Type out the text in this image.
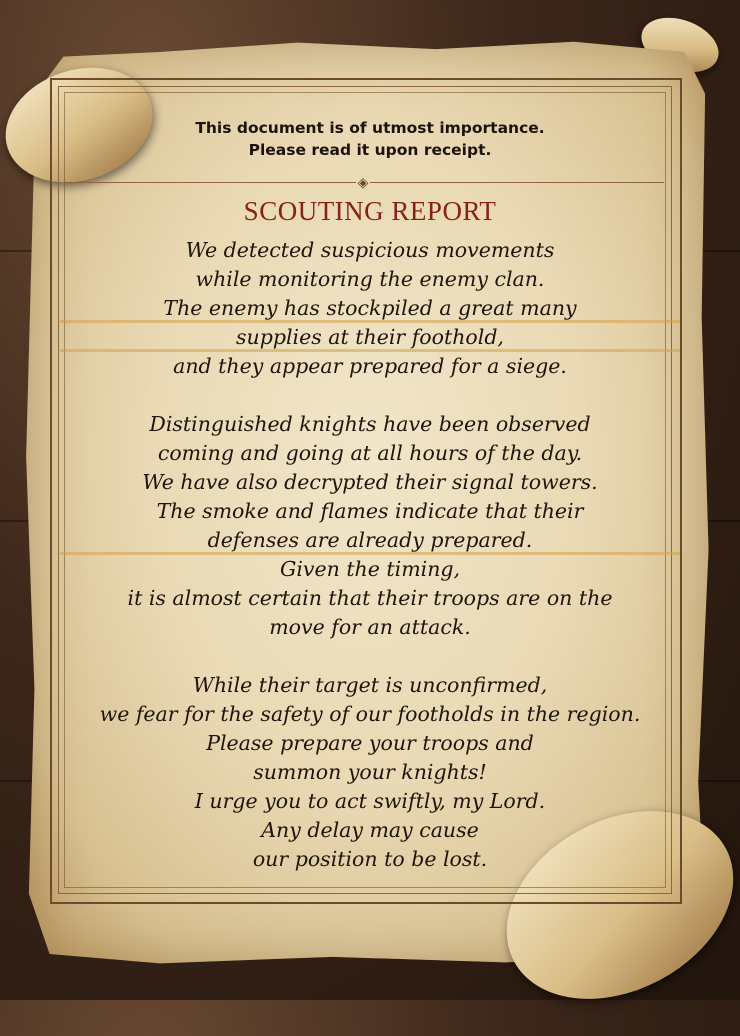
This document is of utmost importance.
Please read it upon receipt.
◈
SCOUTING REPORT
We detected suspicious movements
while monitoring the enemy clan.
The enemy has stockpiled a great many
supplies at their foothold,
and they appear prepared for a siege.
Distinguished knights have been observed
coming and going at all hours of the day.
We have also decrypted their signal towers.
The smoke and flames indicate that their
defenses are already prepared.
Given the timing,
it is almost certain that their troops are on the
move for an attack.
While their target is unconfirmed,
we fear for the safety of our footholds in the region.
Please prepare your troops and
summon your knights!
I urge you to act swiftly, my Lord.
Any delay may cause
our position to be lost.
